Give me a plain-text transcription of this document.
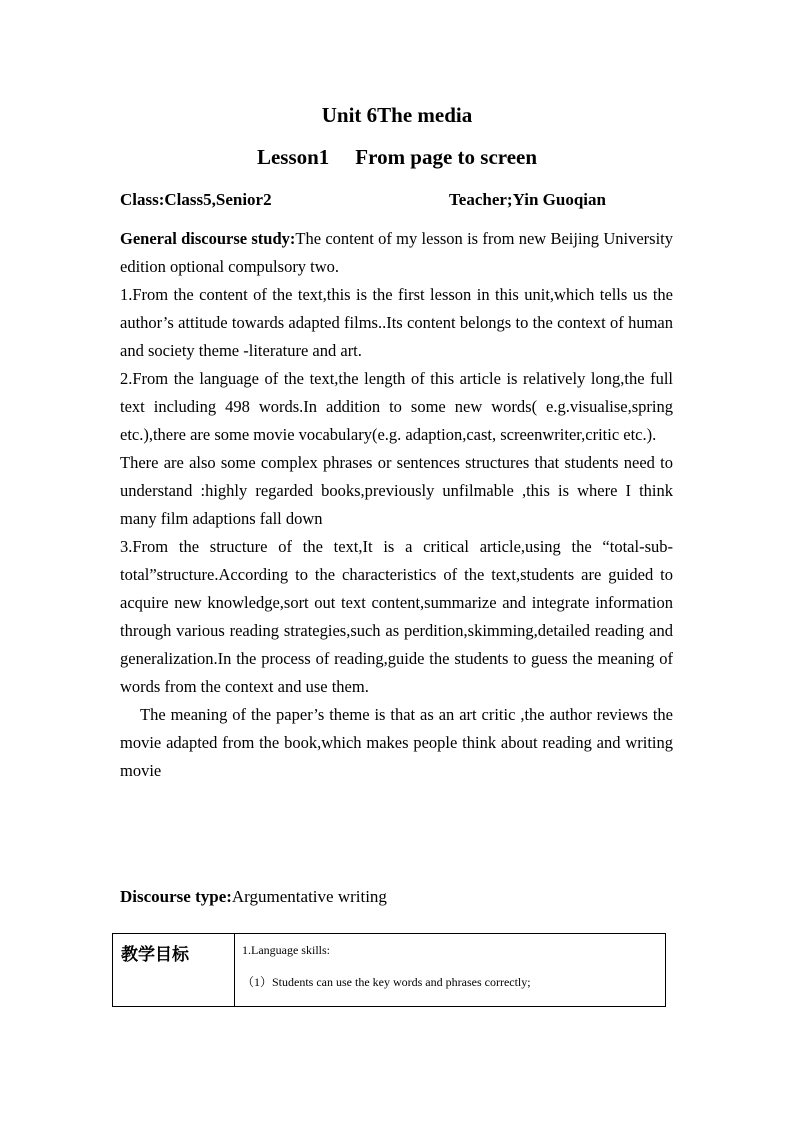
Unit 6The media
Lesson1 From page to screen
Class:Class5,Senior2	Teacher;Yin Guoqian

General discourse study:The content of my lesson is from new Beijing University edition optional compulsory two.

1.From the content of the text,this is the first lesson in this unit,which tells us the author’s attitude towards adapted films..Its content belongs to the context of human and society theme -literature and art.

2.From the language of the text,the length of this article is relatively long,the full text including 498 words.In addition to some new words( e.g.visualise,spring etc.),there are some movie vocabulary(e.g. adaption,cast, screenwriter,critic etc.).

There are also some complex phrases or sentences structures that students need to understand :highly regarded books,previously unfilmable ,this is where I think many film adaptions fall down

3.From the structure of the text,It is a critical article,using the “total-sub-total”structure.According to the characteristics of the text,students are guided to acquire new knowledge,sort out text content,summarize and integrate information through various reading strategies,such as perdition,skimming,detailed reading and generalization.In the process of reading,guide the students to guess the meaning of words from the context and use them.

The meaning of the paper’s theme is that as an art critic ,the author reviews the movie adapted from the book,which makes people think about reading and writing movie

Discourse type:Argumentative writing
教学目标	1.Language skills:
（1）Students can use the key words and phrases correctly;
